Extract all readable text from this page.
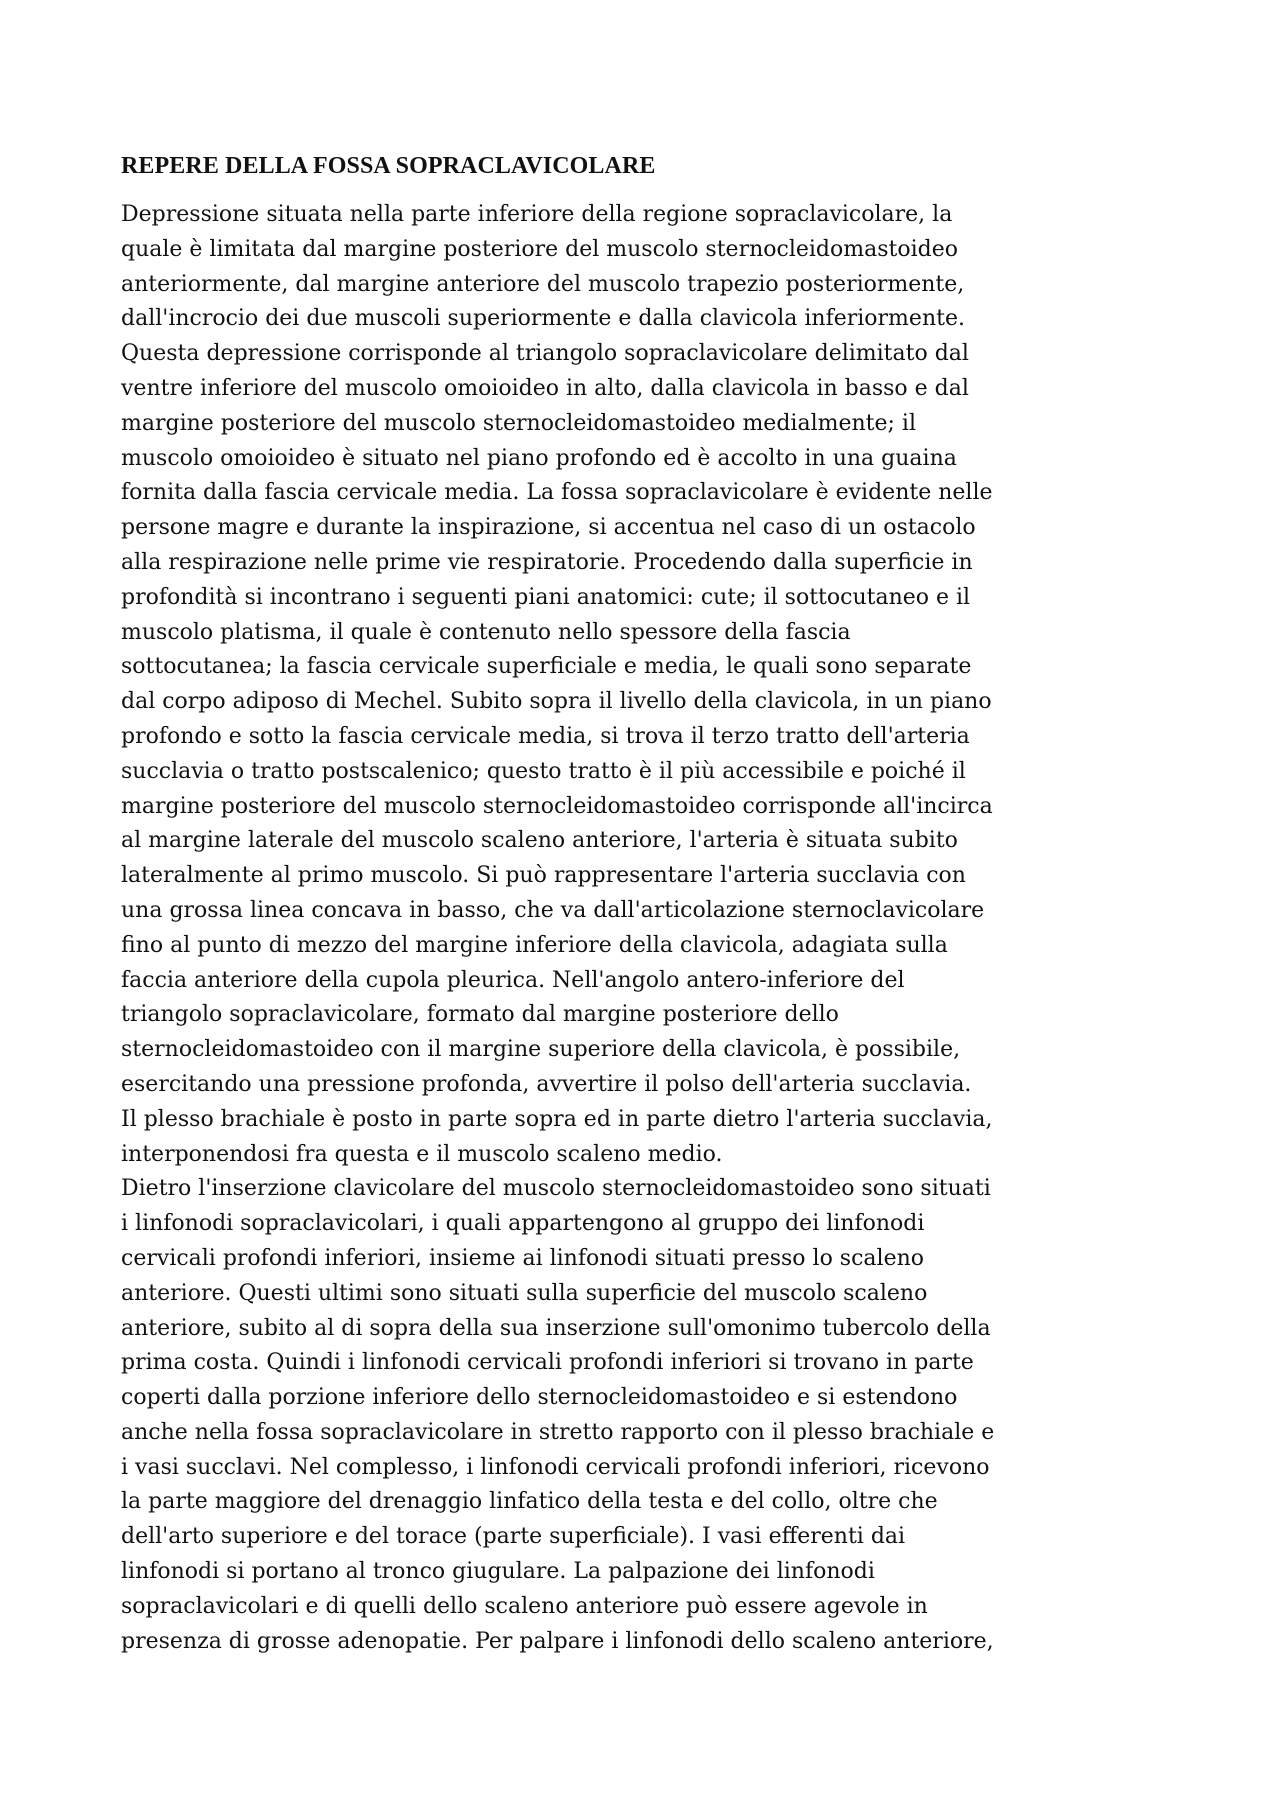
REPERE DELLA FOSSA SOPRACLAVICOLARE
Depressione situata nella parte inferiore della regione sopraclavicolare, la
quale è limitata dal margine posteriore del muscolo sternocleidomastoideo
anteriormente, dal margine anteriore del muscolo trapezio posteriormente,
dall'incrocio dei due muscoli superiormente e dalla clavicola inferiormente.
Questa depressione corrisponde al triangolo sopraclavicolare delimitato dal
ventre inferiore del muscolo omoioideo in alto, dalla clavicola in basso e dal
margine posteriore del muscolo sternocleidomastoideo medialmente; il
muscolo omoioideo è situato nel piano profondo ed è accolto in una guaina
fornita dalla fascia cervicale media. La fossa sopraclavicolare è evidente nelle
persone magre e durante la inspirazione, si accentua nel caso di un ostacolo
alla respirazione nelle prime vie respiratorie. Procedendo dalla superficie in
profondità si incontrano i seguenti piani anatomici: cute; il sottocutaneo e il
muscolo platisma, il quale è contenuto nello spessore della fascia
sottocutanea; la fascia cervicale superficiale e media, le quali sono separate
dal corpo adiposo di Mechel. Subito sopra il livello della clavicola, in un piano
profondo e sotto la fascia cervicale media, si trova il terzo tratto dell'arteria
succlavia o tratto postscalenico; questo tratto è il più accessibile e poiché il
margine posteriore del muscolo sternocleidomastoideo corrisponde all'incirca
al margine laterale del muscolo scaleno anteriore, l'arteria è situata subito
lateralmente al primo muscolo. Si può rappresentare l'arteria succlavia con
una grossa linea concava in basso, che va dall'articolazione sternoclavicolare
fino al punto di mezzo del margine inferiore della clavicola, adagiata sulla
faccia anteriore della cupola pleurica. Nell'angolo antero-inferiore del
triangolo sopraclavicolare, formato dal margine posteriore dello
sternocleidomastoideo con il margine superiore della clavicola, è possibile,
esercitando una pressione profonda, avvertire il polso dell'arteria succlavia.
Il plesso brachiale è posto in parte sopra ed in parte dietro l'arteria succlavia,
interponendosi fra questa e il muscolo scaleno medio.
Dietro l'inserzione clavicolare del muscolo sternocleidomastoideo sono situati
i linfonodi sopraclavicolari, i quali appartengono al gruppo dei linfonodi
cervicali profondi inferiori, insieme ai linfonodi situati presso lo scaleno
anteriore. Questi ultimi sono situati sulla superficie del muscolo scaleno
anteriore, subito al di sopra della sua inserzione sull'omonimo tubercolo della
prima costa. Quindi i linfonodi cervicali profondi inferiori si trovano in parte
coperti dalla porzione inferiore dello sternocleidomastoideo e si estendono
anche nella fossa sopraclavicolare in stretto rapporto con il plesso brachiale e
i vasi succlavi. Nel complesso, i linfonodi cervicali profondi inferiori, ricevono
la parte maggiore del drenaggio linfatico della testa e del collo, oltre che
dell'arto superiore e del torace (parte superficiale). I vasi efferenti dai
linfonodi si portano al tronco giugulare. La palpazione dei linfonodi
sopraclavicolari e di quelli dello scaleno anteriore può essere agevole in
presenza di grosse adenopatie. Per palpare i linfonodi dello scaleno anteriore,
